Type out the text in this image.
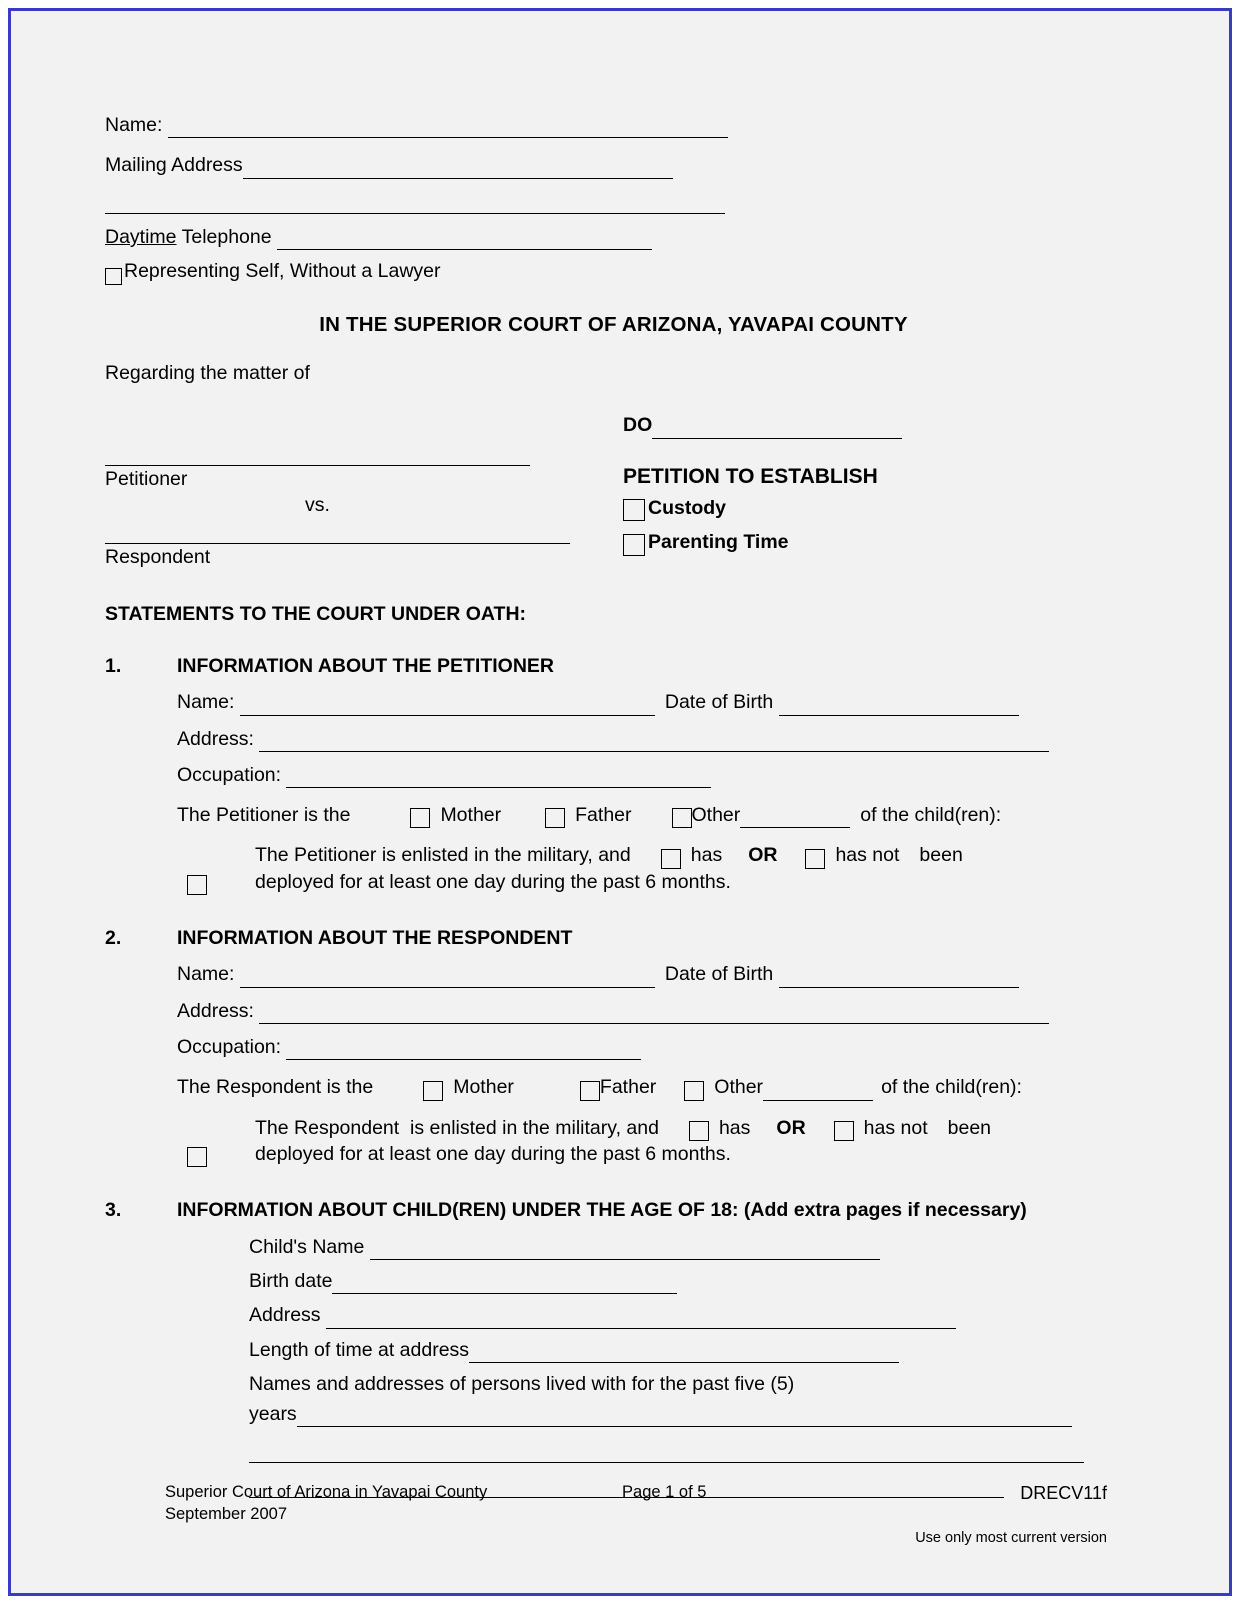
Name:
Mailing Address
Daytime Telephone
Representing Self, Without a Lawyer
IN THE SUPERIOR COURT OF ARIZONA, YAVAPAI COUNTY
Regarding the matter of
Petitioner
vs.
Respondent
DO
PETITION TO ESTABLISH
Custody
Parenting Time
STATEMENTS TO THE COURT UNDER OATH:
1.	INFORMATION ABOUT THE PETITIONER
Name:	Date of Birth
Address:
Occupation:
The Petitioner is the	Mother	Father	Other	of the child(ren):
The Petitioner is enlisted in the military, and	has OR	has not been
deployed for at least one day during the past 6 months.
2.	INFORMATION ABOUT THE RESPONDENT
Name:	Date of Birth
Address:
Occupation:
The Respondent is the	Mother	Father	Other	of the child(ren):
The Respondent  is enlisted in the military, and	has OR	has not been
deployed for at least one day during the past 6 months.
3.	INFORMATION ABOUT CHILD(REN) UNDER THE AGE OF 18: (Add extra pages if necessary)
Child's Name
Birth date
Address
Length of time at address
Names and addresses of persons lived with for the past five (5)
years
Superior Court of Arizona in Yavapai County
September 2007
Page 1 of 5	DRECV11f
Use only most current version
